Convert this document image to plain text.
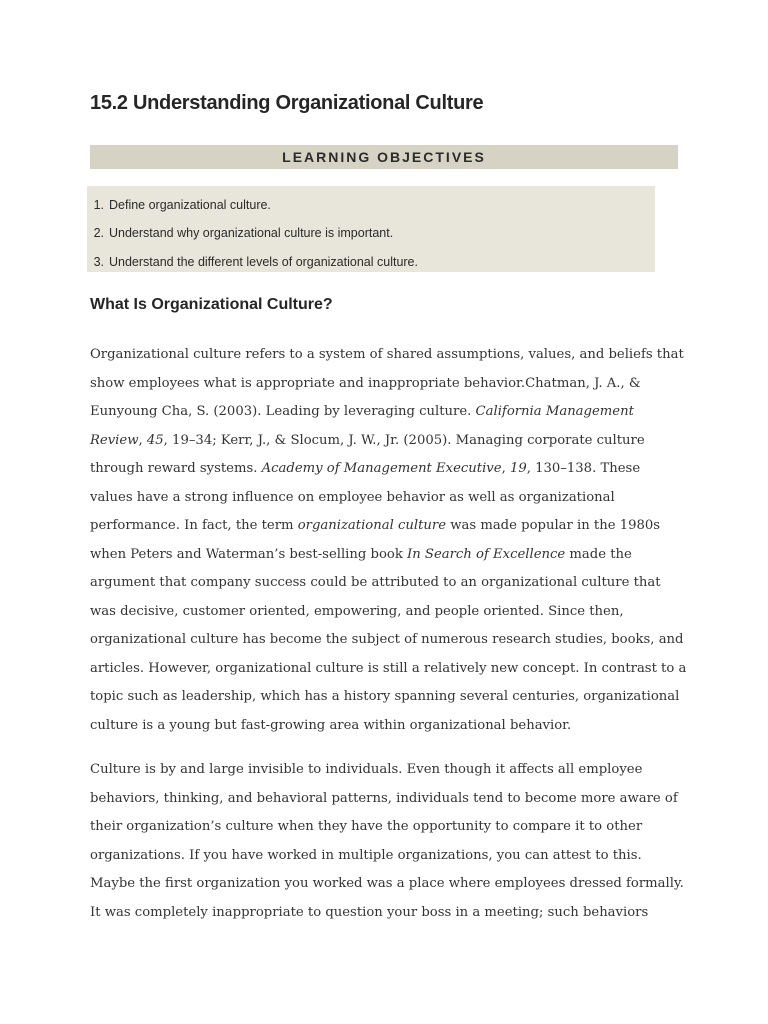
15.2 Understanding Organizational Culture
LEARNING OBJECTIVES
1. Define organizational culture.
2. Understand why organizational culture is important.
3. Understand the different levels of organizational culture.
What Is Organizational Culture?
Organizational culture refers to a system of shared assumptions, values, and beliefs that
show employees what is appropriate and inappropriate behavior.Chatman, J. A., &
Eunyoung Cha, S. (2003). Leading by leveraging culture. California Management
Review, 45, 19–34; Kerr, J., & Slocum, J. W., Jr. (2005). Managing corporate culture
through reward systems. Academy of Management Executive, 19, 130–138. These
values have a strong influence on employee behavior as well as organizational
performance. In fact, the term organizational culture was made popular in the 1980s
when Peters and Waterman’s best-selling book In Search of Excellence made the
argument that company success could be attributed to an organizational culture that
was decisive, customer oriented, empowering, and people oriented. Since then,
organizational culture has become the subject of numerous research studies, books, and
articles. However, organizational culture is still a relatively new concept. In contrast to a
topic such as leadership, which has a history spanning several centuries, organizational
culture is a young but fast-growing area within organizational behavior.
Culture is by and large invisible to individuals. Even though it affects all employee
behaviors, thinking, and behavioral patterns, individuals tend to become more aware of
their organization’s culture when they have the opportunity to compare it to other
organizations. If you have worked in multiple organizations, you can attest to this.
Maybe the first organization you worked was a place where employees dressed formally.
It was completely inappropriate to question your boss in a meeting; such behaviors
